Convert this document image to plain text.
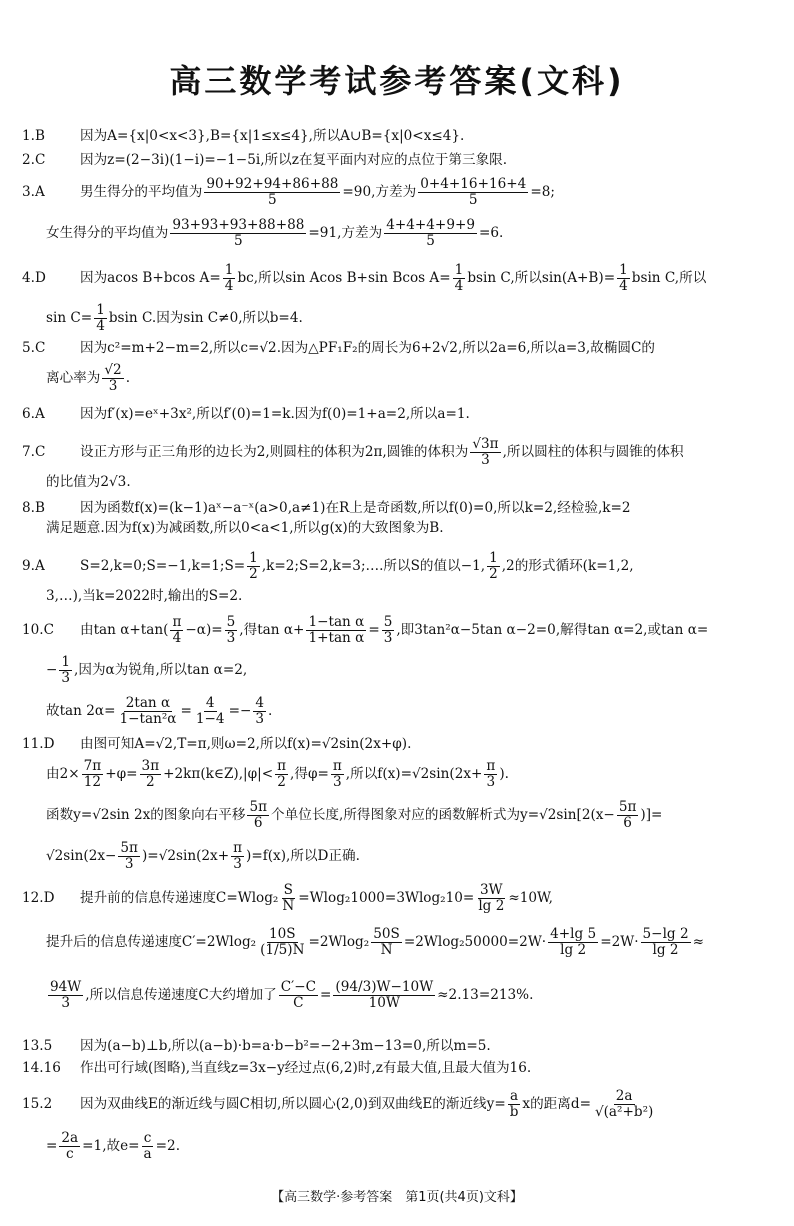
高三数学考试参考答案(文科)
1.B	因为A={x|0<x<3},B={x|1≤x≤4},所以A∪B={x|0<x≤4}.
2.C	因为z=(2−3i)(1−i)=−1−5i,所以z在复平面内对应的点位于第三象限.
3.A	男生得分的平均值为 $\frac{90+92+94+86+88}{5} =90$,方差为 $\frac{0+4+16+16+4}{5} =8$;
女生得分的平均值为 $\frac{93+93+93+88+88}{5} =91$,方差为 $\frac{4+4+4+9+9}{5} =6$.
4.D	因为acos B+bcos $A= \frac{1}{4}$ bc,所以sin Acos B+sin Bcos $A= \frac{1}{4}$ bsin C,所以$\sin(A+B)= \frac{1}{4}$ bsin C,所以
$\sin C= \frac{1}{4}$ bsin C.因为sin C≠0,所以b=4.
5.C	因为c²=m+2−m=2,所以c=√2.因为△PF₁F₂的周长为6+2√2,所以2a=6,所以a=3,故椭圆C的
离心率为 $\frac{√2}{3}$ .
6.A	因为f′(x)=eˣ+3x²,所以f′(0)=1=k.因为f(0)=1+a=2,所以a=1.
7.C	设正方形与正三角形的边长为2,则圆柱的体积为2π,圆锥的体积为 $\frac{√3\pi}{3}$ ,所以圆柱的体积与圆锥的体积
的比值为2√3.
8.B	因为函数f(x)=(k−1)aˣ−a⁻ˣ(a>0,a≠1)在R上是奇函数,所以f(0)=0,所以k=2,经检验,k=2
满足题意.因为f(x)为减函数,所以0<a<1,所以g(x)的大致图象为B.
9.A	S=2,k=0;S=−1,k=1;S= $\frac{1}{2}$ ,k=2;S=2,k=3;….所以S的值以−1, $\frac{1}{2} ,2$的形式循环(k=1,2,
3,…),当k=2022时,输出的S=2.
10.C	由$\tan \alpha+\tan( \frac{\pi}{4} -\alpha)= \frac{5}{3}$ ,得$\tan \alpha+ \frac{\text{1−tan α}}{\text{1+tan α}} = \frac{5}{3}$ ,即3tan²α−5tan α−2=0,解得tan α=2,或tan α=
− $\frac{1}{3}$ ,因为α为锐角,所以tan α=2,
故$\tan 2\alpha= \frac{\text{2tan α}}{\text{1−tan²α}} = \frac{4}{1-4} =- \frac{4}{3}$ .
11.D	由图可知A=√2,T=π,则ω=2,所以f(x)=√2sin(2x+φ).
由$2\times \frac{7\pi}{12} +\varphi= \frac{3\pi}{2}$ +2kπ(k∈Z),|φ|< $\frac{\pi}{2}$ ,得$\varphi= \frac{\pi}{3}$ ,所以$f(x)=√2\sin(2x+ \frac{\pi}{3}$ ).
函数y=√2sin 2x的图象向右平移 $\frac{5\pi}{6}$ 个单位长度,所得图象对应的函数解析式为$y=√2\sin[2(x- \frac{5\pi}{6}$ )]=
$√2\sin(2x- \frac{5\pi}{3} )=√2\sin(2x+ \frac{\pi}{3} )=f(x)$,所以D正确.
12.D	提升前的信息传递速度$C=Wlog_2 \frac{S}{N} =Wlog_21000=3Wlog_210= \frac{3W}{\lg 2} \approx 10W$,
提升后的信息传递速度$C'=2Wlog_2 \frac{10S}{(1/5)N} =2Wlog_2 \frac{50S}{N} =2Wlog_250000=2W\cdot \frac{4+\lg 5}{\lg 2} =2W\cdot \frac{5-\lg 2}{\lg 2}$ ≈
$\frac{94W}{3}$ ,所以信息传递速度C大约增加了 $\frac{C'-C}{C} = \frac{(94/3)W-10W}{10W} \approx 2.13=213\%$.
13.5	因为(a−b)⊥b,所以(a−b)·b=a·b−b²=−2+3m−13=0,所以m=5.
14.16	作出可行域(图略),当直线z=3x−y经过点(6,2)时,z有最大值,且最大值为16.
15.2	因为双曲线E的渐近线与圆C相切,所以圆心(2,0)到双曲线E的渐近线$y= \frac{a}{b}$ x的距离$d= \frac{2a}{\text{√(a²+b²)}}$
= $\frac{2a}{c} =1$,故$e= \frac{c}{a} =2$.
【高三数学·参考答案　第1页(共4页)文科】
